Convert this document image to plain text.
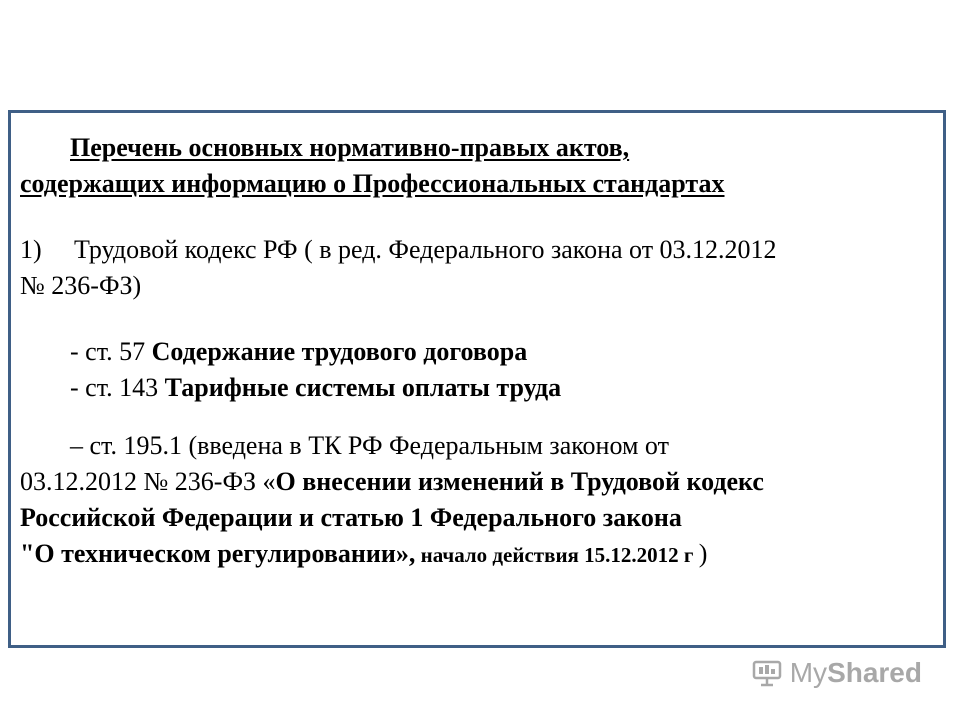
Перечень основных нормативно-правых актов,
содержащих информацию о Профессиональных стандартах
1) Трудовой кодекс РФ ( в ред. Федерального закона от 03.12.2012
№ 236-ФЗ)
- ст. 57 Содержание трудового договора
- ст. 143 Тарифные системы оплаты труда
– ст. 195.1 (введена в ТК РФ Федеральным законом от
03.12.2012 № 236-ФЗ «О внесении изменений в Трудовой кодекс
Российской Федерации и статью 1 Федерального закона
"О техническом регулировании», начало действия 15.12.2012 г )
MyShared
